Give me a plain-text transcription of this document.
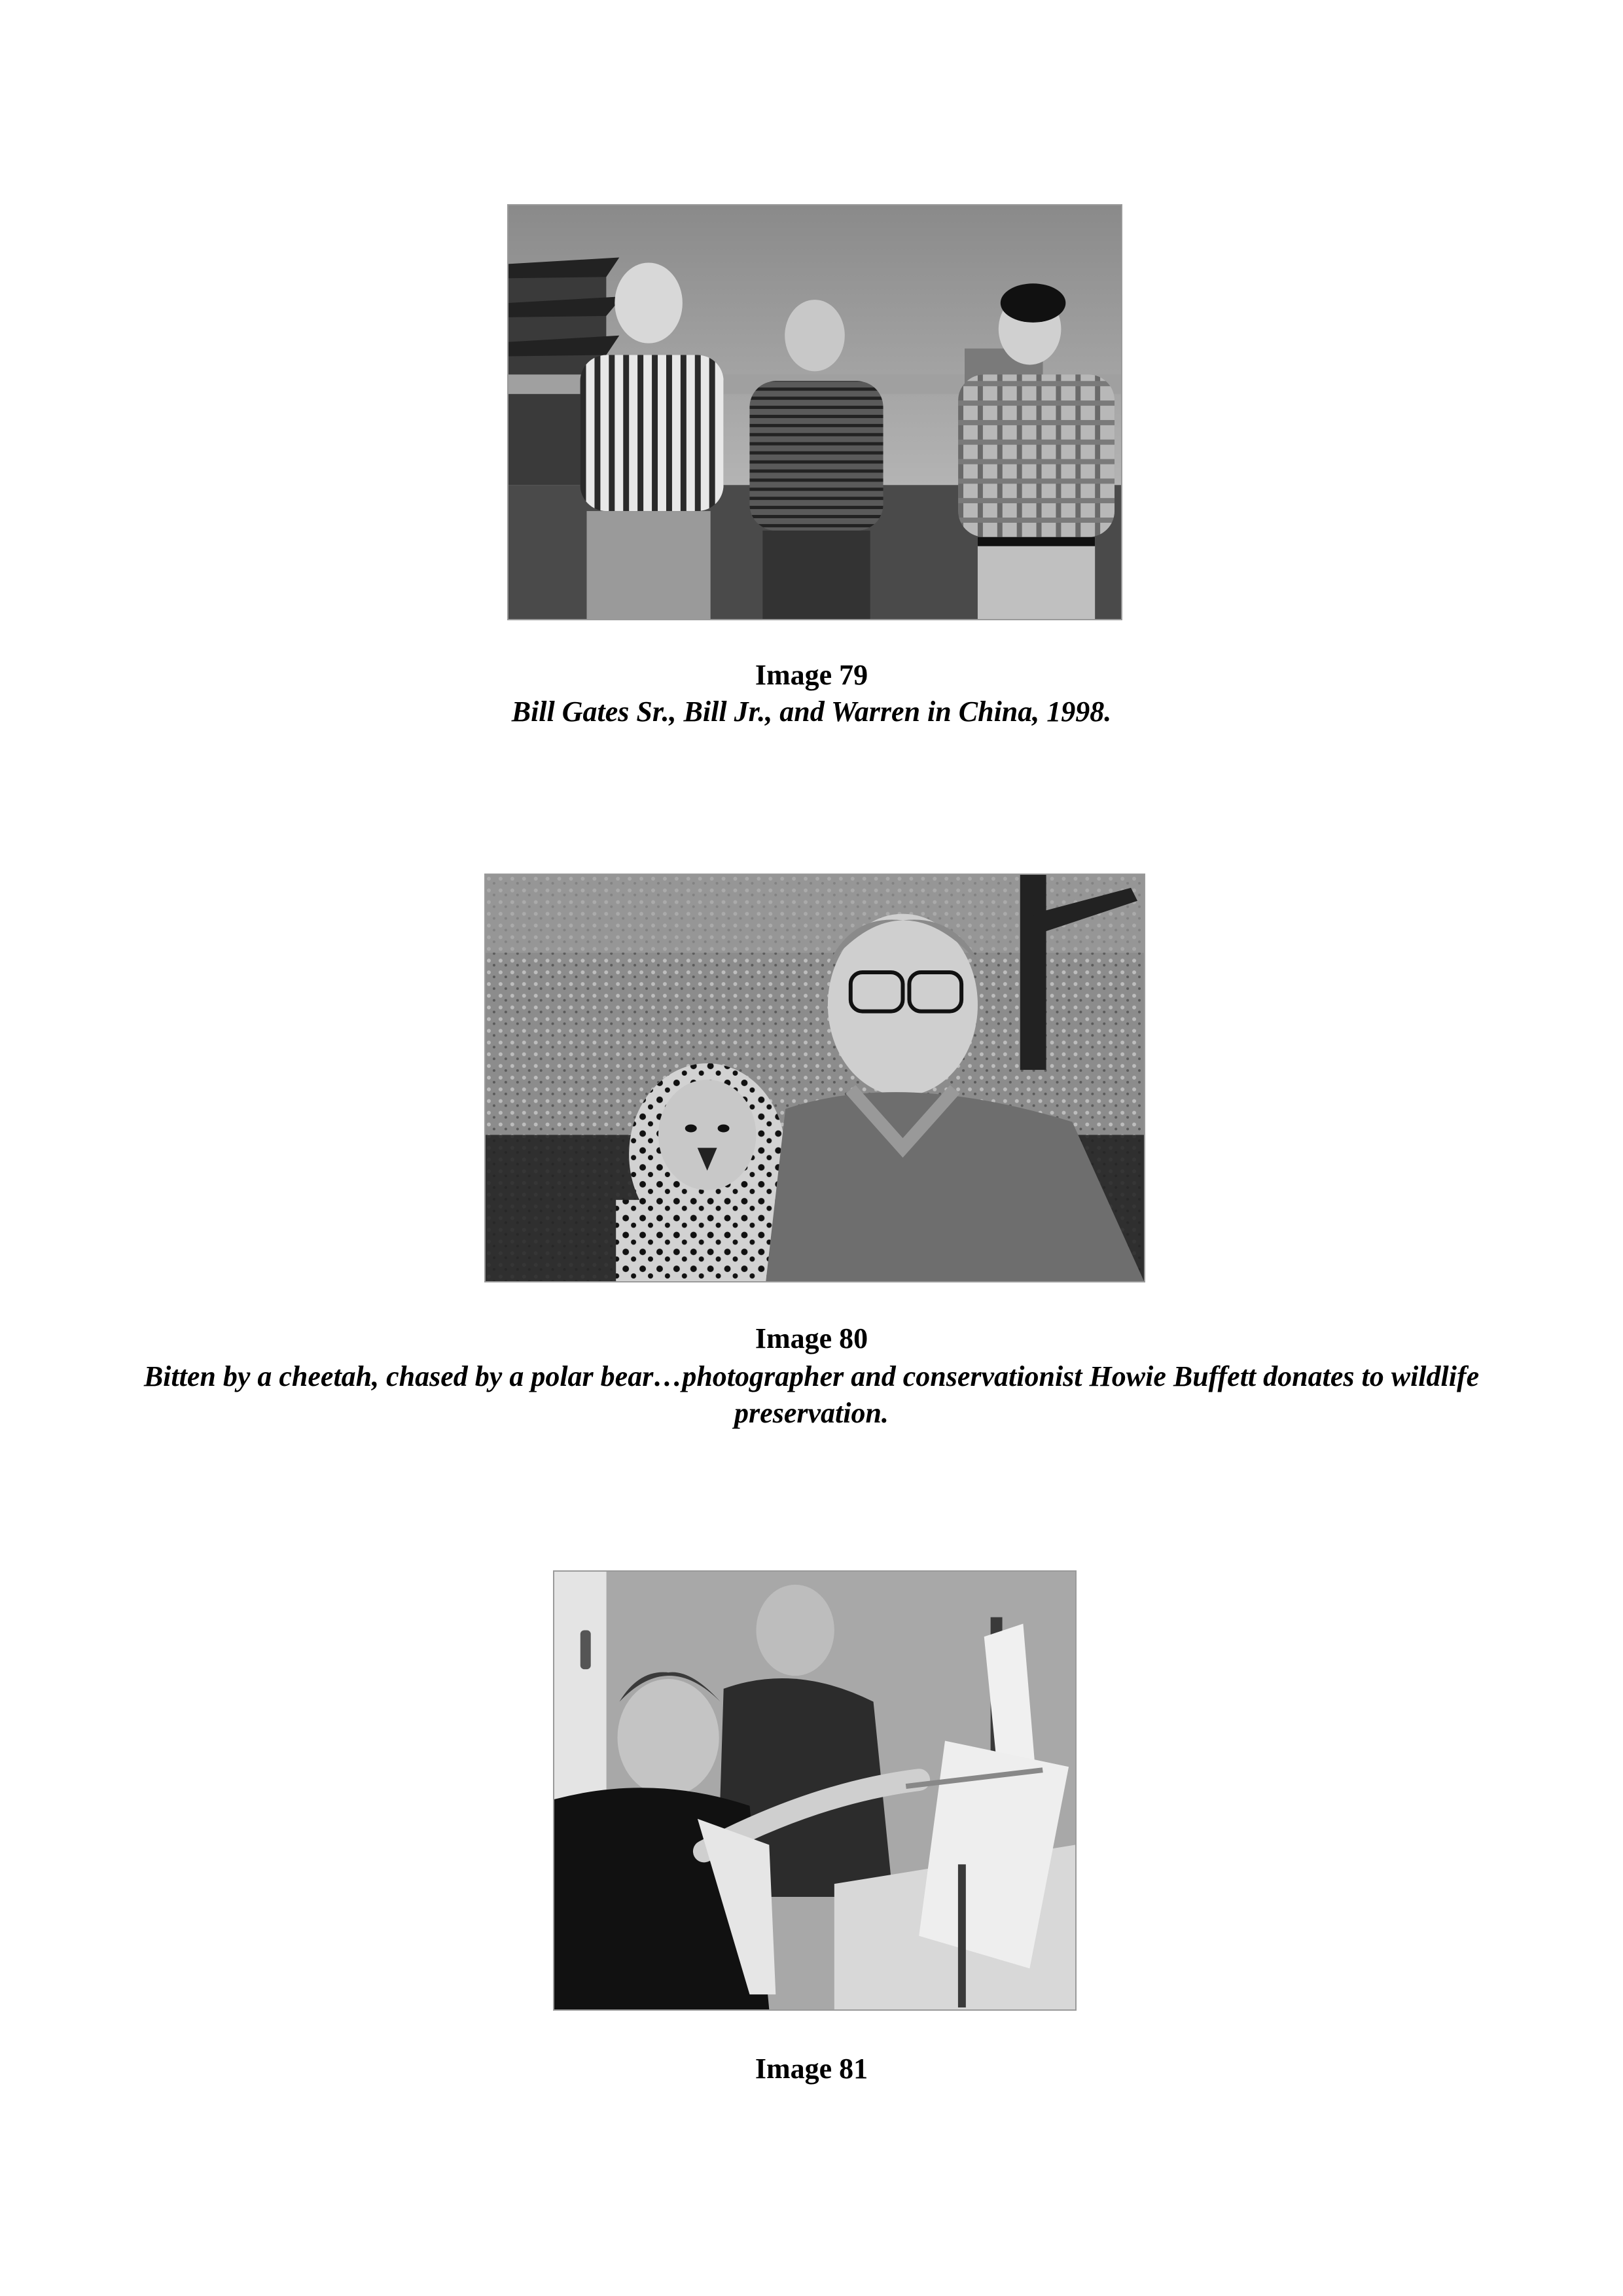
Image 79
Bill Gates Sr., Bill Jr., and Warren in China, 1998.
Image 80
Bitten by a cheetah, chased by a polar bear…photographer and conservationist Howie Buffett donates to wildlife preservation.
Image 81
